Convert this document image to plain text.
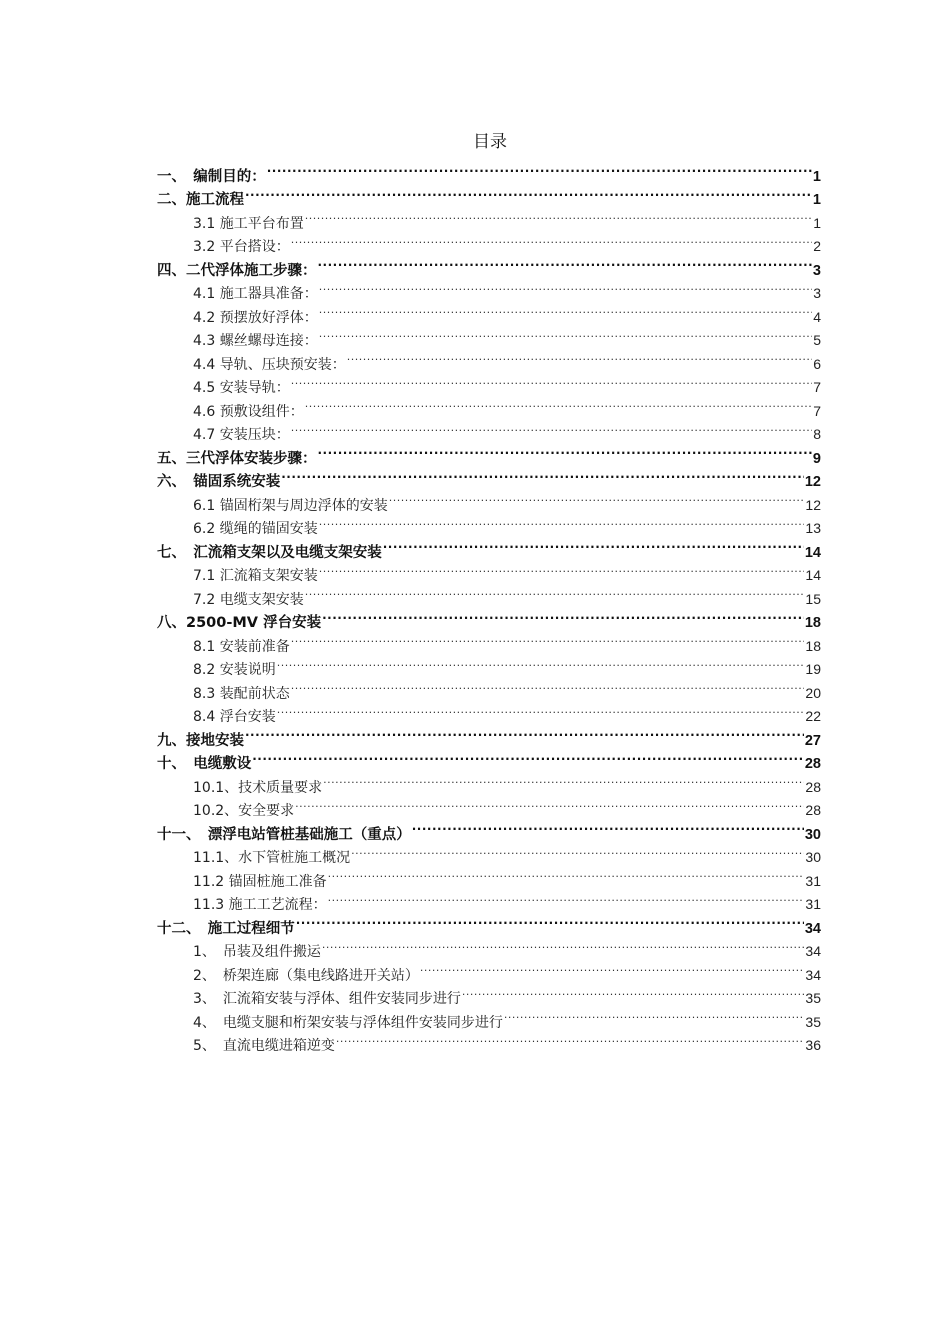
目录
一、　编制目的： .....	1
二、施工流程 .....	1
3.1 施工平台布置 .....	1
3.2 平台搭设： .....	2
四、二代浮体施工步骤： .....	3
4.1 施工器具准备： .....	3
4.2 预摆放好浮体： .....	4
4.3 螺丝螺母连接： .....	5
4.4 导轨、压块预安装： .....	6
4.5 安装导轨： .....	7
4.6 预敷设组件： .....	7
4.7 安装压块： .....	8
五、三代浮体安装步骤： .....	9
六、　锚固系统安装 .....	12
6.1 锚固桁架与周边浮体的安装 .....	12
6.2 缆绳的锚固安装 .....	13
七、　汇流箱支架以及电缆支架安装 .....	14
7.1 汇流箱支架安装 .....	14
7.2 电缆支架安装 .....	15
八、2500-MV 浮台安装 .....	18
8.1 安装前准备 .....	18
8.2 安装说明 .....	19
8.3 装配前状态 .....	20
8.4 浮台安装 .....	22
九、接地安装 .....	27
十、　电缆敷设 .....	28
10.1、技术质量要求 .....	28
10.2、安全要求 .....	28
十一、　漂浮电站管桩基础施工（重点） .....	30
11.1、水下管桩施工概况 .....	30
11.2 锚固桩施工准备 .....	31
11.3 施工工艺流程： .....	31
十二、　施工过程细节 .....	34
1、　吊装及组件搬运 .....	34
2、　桥架连廊（集电线路进开关站） .....	34
3、　汇流箱安装与浮体、组件安装同步进行 .....	35
4、　电缆支腿和桁架安装与浮体组件安装同步进行 .....	35
5、　直流电缆进箱逆变 .....	36
